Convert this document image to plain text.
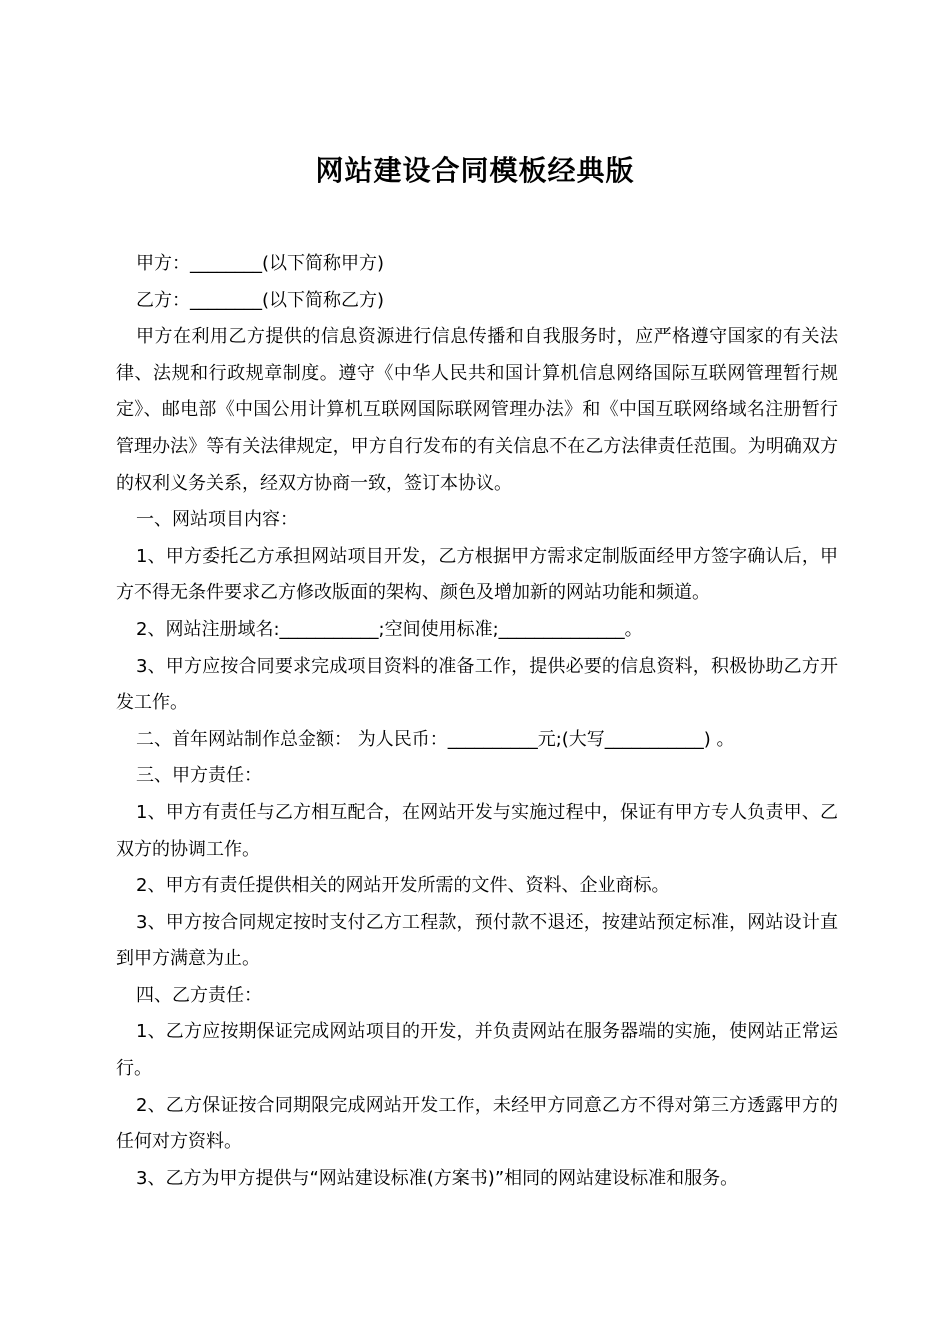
网站建设合同模板经典版

甲方：________(以下简称甲方)

乙方：________(以下简称乙方)

甲方在利用乙方提供的信息资源进行信息传播和自我服务时，应严格遵守国家的有关法律、法规和行政规章制度。遵守《中华人民共和国计算机信息网络国际互联网管理暂行规定》、邮电部《中国公用计算机互联网国际联网管理办法》和《中国互联网络域名注册暂行管理办法》等有关法律规定，甲方自行发布的有关信息不在乙方法律责任范围。为明确双方的权利义务关系，经双方协商一致，签订本协议。

一、网站项目内容：

1、甲方委托乙方承担网站项目开发，乙方根据甲方需求定制版面经甲方签字确认后，甲方不得无条件要求乙方修改版面的架构、颜色及增加新的网站功能和频道。

2、网站注册域名:___________;空间使用标准;______________。

3、甲方应按合同要求完成项目资料的准备工作，提供必要的信息资料，积极协助乙方开发工作。

二、首年网站制作总金额： 为人民币：__________元;(大写___________) 。

三、甲方责任：

1、甲方有责任与乙方相互配合，在网站开发与实施过程中，保证有甲方专人负责甲、乙双方的协调工作。

2、甲方有责任提供相关的网站开发所需的文件、资料、企业商标。

3、甲方按合同规定按时支付乙方工程款，预付款不退还，按建站预定标准，网站设计直到甲方满意为止。

四、乙方责任：

1、乙方应按期保证完成网站项目的开发，并负责网站在服务器端的实施，使网站正常运行。

2、乙方保证按合同期限完成网站开发工作，未经甲方同意乙方不得对第三方透露甲方的任何对方资料。

3、乙方为甲方提供与“网站建设标准(方案书)”相同的网站建设标准和服务。
